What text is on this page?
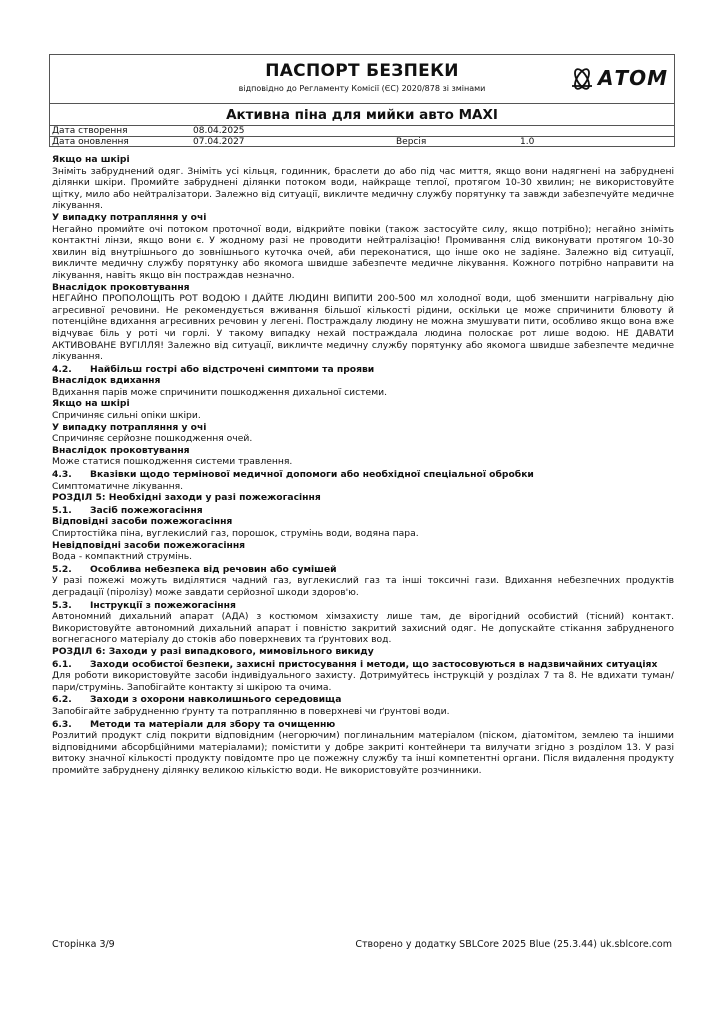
ПАСПОРТ БЕЗПЕКИ
відповідно до Регламенту Комісії (ЄС) 2020/878 зі змінами	АТОМ
Активна піна для мийки авто MAXI
Дата створення	08.04.2025
Дата оновлення	07.04.2027	Версія	1.0

Якщо на шкірі

Зніміть забруднений одяг. Зніміть усі кільця, годинник, браслети до або під час миття, якщо вони надягнені на забруднені ділянки шкіри. Промийте забруднені ділянки потоком води, найкраще теплої, протягом 10-30 хвилин; не використовуйте щітку, мило або нейтралізатори. Залежно від ситуації, викличте медичну службу порятунку та завжди забезпечуйте медичне лікування.

У випадку потрапляння у очі

Негайно промийте очі потоком проточної води, відкрийте повіки (також застосуйте силу, якщо потрібно); негайно зніміть контактні лінзи, якщо вони є. У жодному разі не проводити нейтралізацію! Промивання слід виконувати протягом 10-30 хвилин від внутрішнього до зовнішнього куточка очей, аби переконатися, що інше око не задіяне. Залежно від ситуації, викличте медичну службу порятунку або якомога швидше забезпечте медичне лікування. Кожного потрібно направити на лікування, навіть якщо він постраждав незначно.

Внаслідок проковтування

НЕГАЙНО ПРОПОЛОЩІТЬ РОТ ВОДОЮ І ДАЙТЕ ЛЮДИНІ ВИПИТИ 200-500 мл холодної води, щоб зменшити нагрівальну дію агресивної речовини. Не рекомендується вживання більшої кількості рідини, оскільки це може спричинити блювоту й потенційне вдихання агресивних речовин у легені. Постраждалу людину не можна змушувати пити, особливо якщо вона вже відчуває біль у роті чи горлі. У такому випадку нехай постраждала людина полоскає рот лише водою. НЕ ДАВАТИ АКТИВОВАНЕ ВУГІЛЛЯ! Залежно від ситуації, викличте медичну службу порятунку або якомога швидше забезпечте медичне лікування.

4.2. Найбільш гострі або відстрочені симптоми та прояви

Внаслідок вдихання

Вдихання парів може спричинити пошкодження дихальної системи.

Якщо на шкірі

Спричиняє сильні опіки шкіри.

У випадку потрапляння у очі

Спричиняє серйозне пошкодження очей.

Внаслідок проковтування

Може статися пошкодження системи травлення.

4.3. Вказівки щодо термінової медичної допомоги або необхідної спеціальної обробки

Симптоматичне лікування.

РОЗДІЛ 5: Необхідні заходи у разі пожежогасіння

5.1. Засіб пожежогасіння

Відповідні засоби пожежогасіння

Спиртостійка піна, вуглекислий газ, порошок, струмінь води, водяна пара.

Невідповідні засоби пожежогасіння

Вода - компактний струмінь.

5.2. Особлива небезпека від речовин або сумішей

У разі пожежі можуть виділятися чадний газ, вуглекислий газ та інші токсичні гази. Вдихання небезпечних продуктів деградації (піролізу) може завдати серйозної шкоди здоров'ю.

5.3. Інструкції з пожежогасіння

Автономний дихальний апарат (АДА) з костюмом хімзахисту лише там, де вірогідний особистий (тісний) контакт. Використовуйте автономний дихальний апарат і повністю закритий захисний одяг. Не допускайте стікання забрудненого вогнегасного матеріалу до стоків або поверхневих та ґрунтових вод.

РОЗДІЛ 6: Заходи у разі випадкового, мимовільного викиду

6.1. Заходи особистої безпеки, захисні пристосування і методи, що застосовуються в надзвичайних ситуаціях

Для роботи використовуйте засоби індивідуального захисту. Дотримуйтесь інструкцій у розділах 7 та 8. Не вдихати туман/пари/струмінь. Запобігайте контакту зі шкірою та очима.

6.2. Заходи з охорони навколишнього середовища

Запобігайте забрудненню ґрунту та потраплянню в поверхневі чи ґрунтові води.

6.3. Методи та матеріали для збору та очищенню

Розлитий продукт слід покрити відповідним (негорючим) поглинальним матеріалом (піском, діатомітом, землею та іншими відповідними абсорбційними матеріалами); помістити у добре закриті контейнери та вилучати згідно з розділом 13. У разі витоку значної кількості продукту повідомте про це пожежну службу та інші компетентні органи. Після видалення продукту промийте забруднену ділянку великою кількістю води. Не використовуйте розчинники.

Сторінка 3/9	Створено у додатку SBLCore 2025 Blue (25.3.44) uk.sblcore.com
